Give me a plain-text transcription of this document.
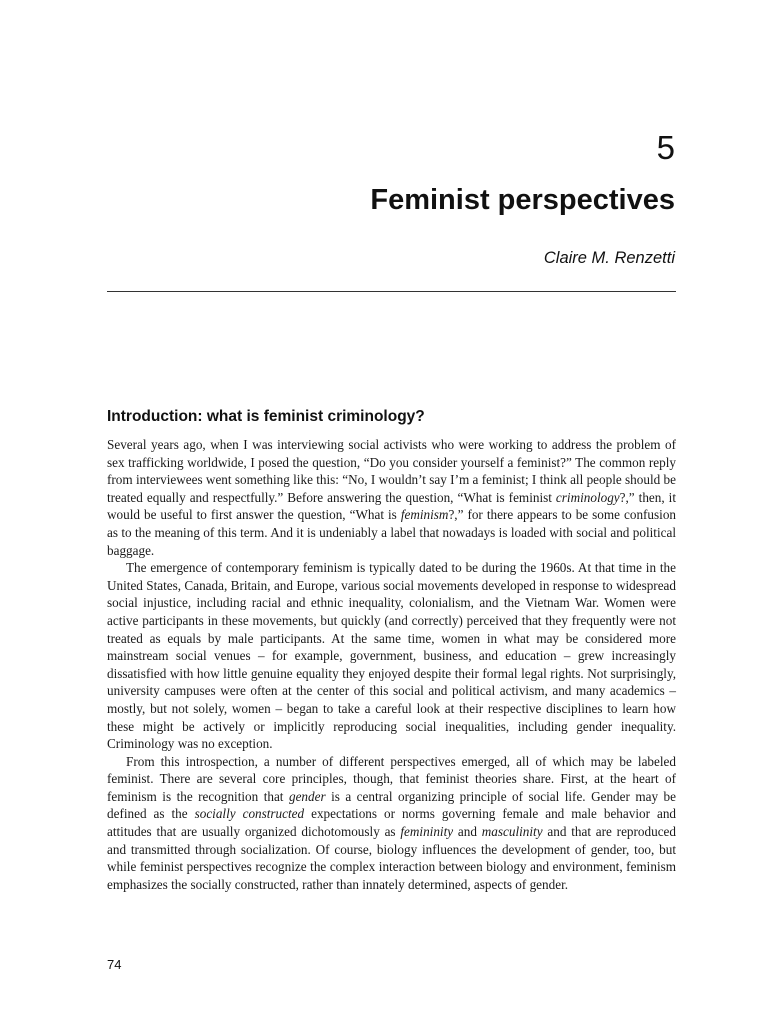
5
Feminist perspectives
Claire M. Renzetti
Introduction: what is feminist criminology?

Several years ago, when I was interviewing social activists who were working to address the problem of sex trafficking worldwide, I posed the question, “Do you consider yourself a feminist?” The common reply from interviewees went something like this: “No, I wouldn’t say I’m a feminist; I think all people should be treated equally and respectfully.” Before answering the question, “What is feminist criminology?,” then, it would be useful to first answer the question, “What is feminism?,” for there appears to be some confusion as to the meaning of this term. And it is undeniably a label that nowadays is loaded with social and political baggage.

The emergence of contemporary feminism is typically dated to be during the 1960s. At that time in the United States, Canada, Britain, and Europe, various social movements developed in response to widespread social injustice, including racial and ethnic inequality, colonialism, and the Vietnam War. Women were active participants in these movements, but quickly (and correctly) perceived that they frequently were not treated as equals by male participants. At the same time, women in what may be considered more mainstream social venues – for example, government, business, and education – grew increasingly dissatisfied with how little genuine equality they enjoyed despite their formal legal rights. Not surprisingly, university campuses were often at the center of this social and political activism, and many academics – mostly, but not solely, women – began to take a careful look at their respective disciplines to learn how these might be actively or implicitly reproducing social inequalities, including gender inequality. Criminology was no exception.

From this introspection, a number of different perspectives emerged, all of which may be labeled feminist. There are several core principles, though, that feminist theories share. First, at the heart of feminism is the recognition that gender is a central organizing principle of social life. Gender may be defined as the socially constructed expectations or norms governing female and male behavior and attitudes that are usually organized dichotomously as femininity and masculinity and that are reproduced and transmitted through socialization. Of course, biology influences the development of gender, too, but while feminist perspectives recognize the complex interaction between biology and environment, feminism emphasizes the socially constructed, rather than innately determined, aspects of gender.

74
